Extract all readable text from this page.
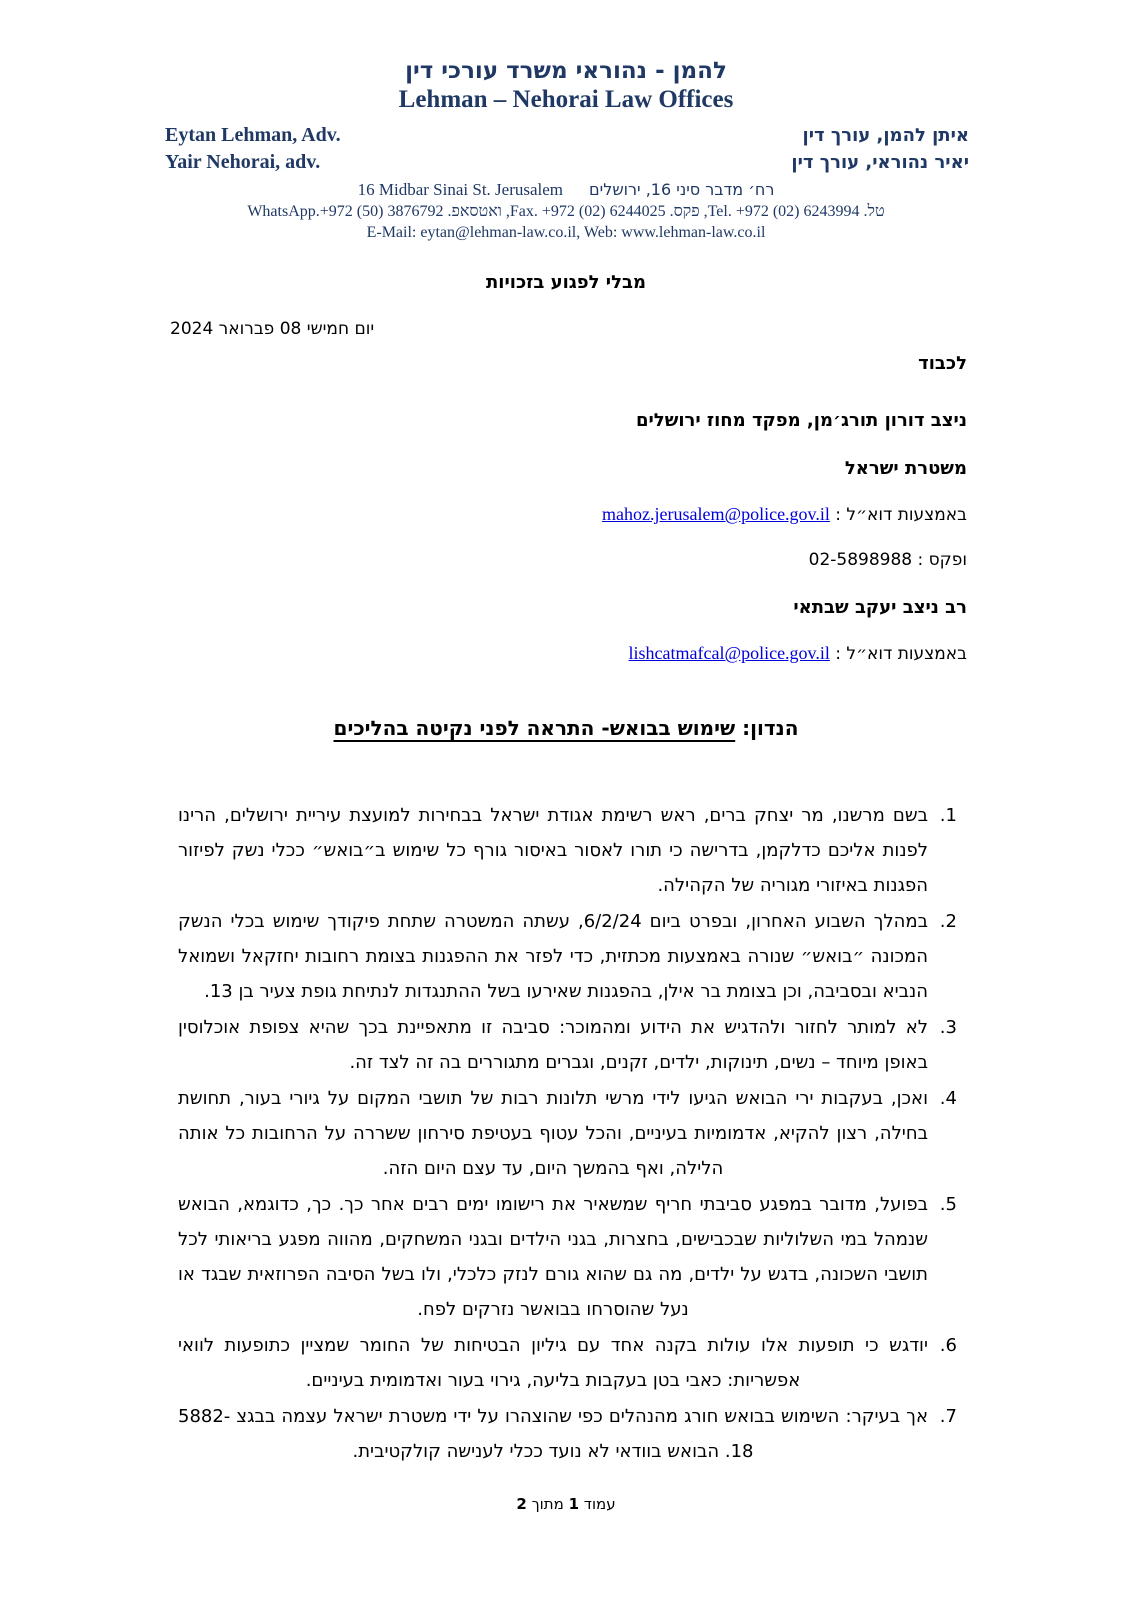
להמן - נהוראי משרד עורכי דין
Lehman – Nehorai Law Offices
Eytan Lehman, Adv.
Yair Nehorai, adv.
איתן להמן, עורך דין
יאיר נהוראי, עורך דין
16 Midbar Sinai St. Jerusalem רח׳ מדבר סיני 16, ירושלים
טל. Tel. +972 (02) 6243994, פקס. Fax. +972 (02) 6244025, ואטסאפ. WhatsApp.+972 (50) 3876792
E-Mail: eytan@lehman-law.co.il, Web: www.lehman-law.co.il
מבלי לפגוע בזכויות
יום חמישי 08 פברואר 2024
לכבוד
ניצב דורון תורג׳מן, מפקד מחוז ירושלים
משטרת ישראל
באמצעות דוא״ל : mahoz.jerusalem@police.gov.il
ופקס : 02-5898988
רב ניצב יעקב שבתאי
באמצעות דוא״ל : lishcatmafcal@police.gov.il
הנדון: שימוש בבואש- התראה לפני נקיטה בהליכים
1. בשם מרשנו, מר יצחק ברים, ראש רשימת אגודת ישראל בבחירות למועצת עיריית ירושלים, הרינו לפנות אליכם כדלקמן, בדרישה כי תורו לאסור באיסור גורף כל שימוש ב״בואש״ ככלי נשק לפיזור הפגנות באיזורי מגוריה של הקהילה.
2. במהלך השבוע האחרון, ובפרט ביום 6/2/24, עשתה המשטרה שתחת פיקודך שימוש בכלי הנשק המכונה ״בואש״ שנורה באמצעות מכתזית, כדי לפזר את ההפגנות בצומת רחובות יחזקאל ושמואל הנביא ובסביבה, וכן בצומת בר אילן, בהפגנות שאירעו בשל ההתנגדות לנתיחת גופת צעיר בן 13.
3. לא למותר לחזור ולהדגיש את הידוע ומהמוכר: סביבה זו מתאפיינת בכך שהיא צפופת אוכלוסין באופן מיוחד – נשים, תינוקות, ילדים, זקנים, וגברים מתגוררים בה זה לצד זה.
4. ואכן, בעקבות ירי הבואש הגיעו לידי מרשי תלונות רבות של תושבי המקום על גיורי בעור, תחושת בחילה, רצון להקיא, אדמומיות בעיניים, והכל עטוף בעטיפת סירחון ששררה על הרחובות כל אותה הלילה, ואף בהמשך היום, עד עצם היום הזה.
5. בפועל, מדובר במפגע סביבתי חריף שמשאיר את רישומו ימים רבים אחר כך. כך, כדוגמא, הבואש שנמהל במי השלוליות שבכבישים, בחצרות, בגני הילדים ובגני המשחקים, מהווה מפגע בריאותי לכל תושבי השכונה, בדגש על ילדים, מה גם שהוא גורם לנזק כלכלי, ולו בשל הסיבה הפרוזאית שבגד או נעל שהוסרחו בבואשר נזרקים לפח.
6. יודגש כי תופעות אלו עולות בקנה אחד עם גיליון הבטיחות של החומר שמציין כתופעות לוואי אפשריות: כאבי בטן בעקבות בליעה, גירוי בעור ואדמומית בעיניים.
7. אך בעיקר: השימוש בבואש חורג מהנהלים כפי שהוצהרו על ידי משטרת ישראל עצמה בבגצ 5882-18. הבואש בוודאי לא נועד ככלי לענישה קולקטיבית.
עמוד 1 מתוך 2
